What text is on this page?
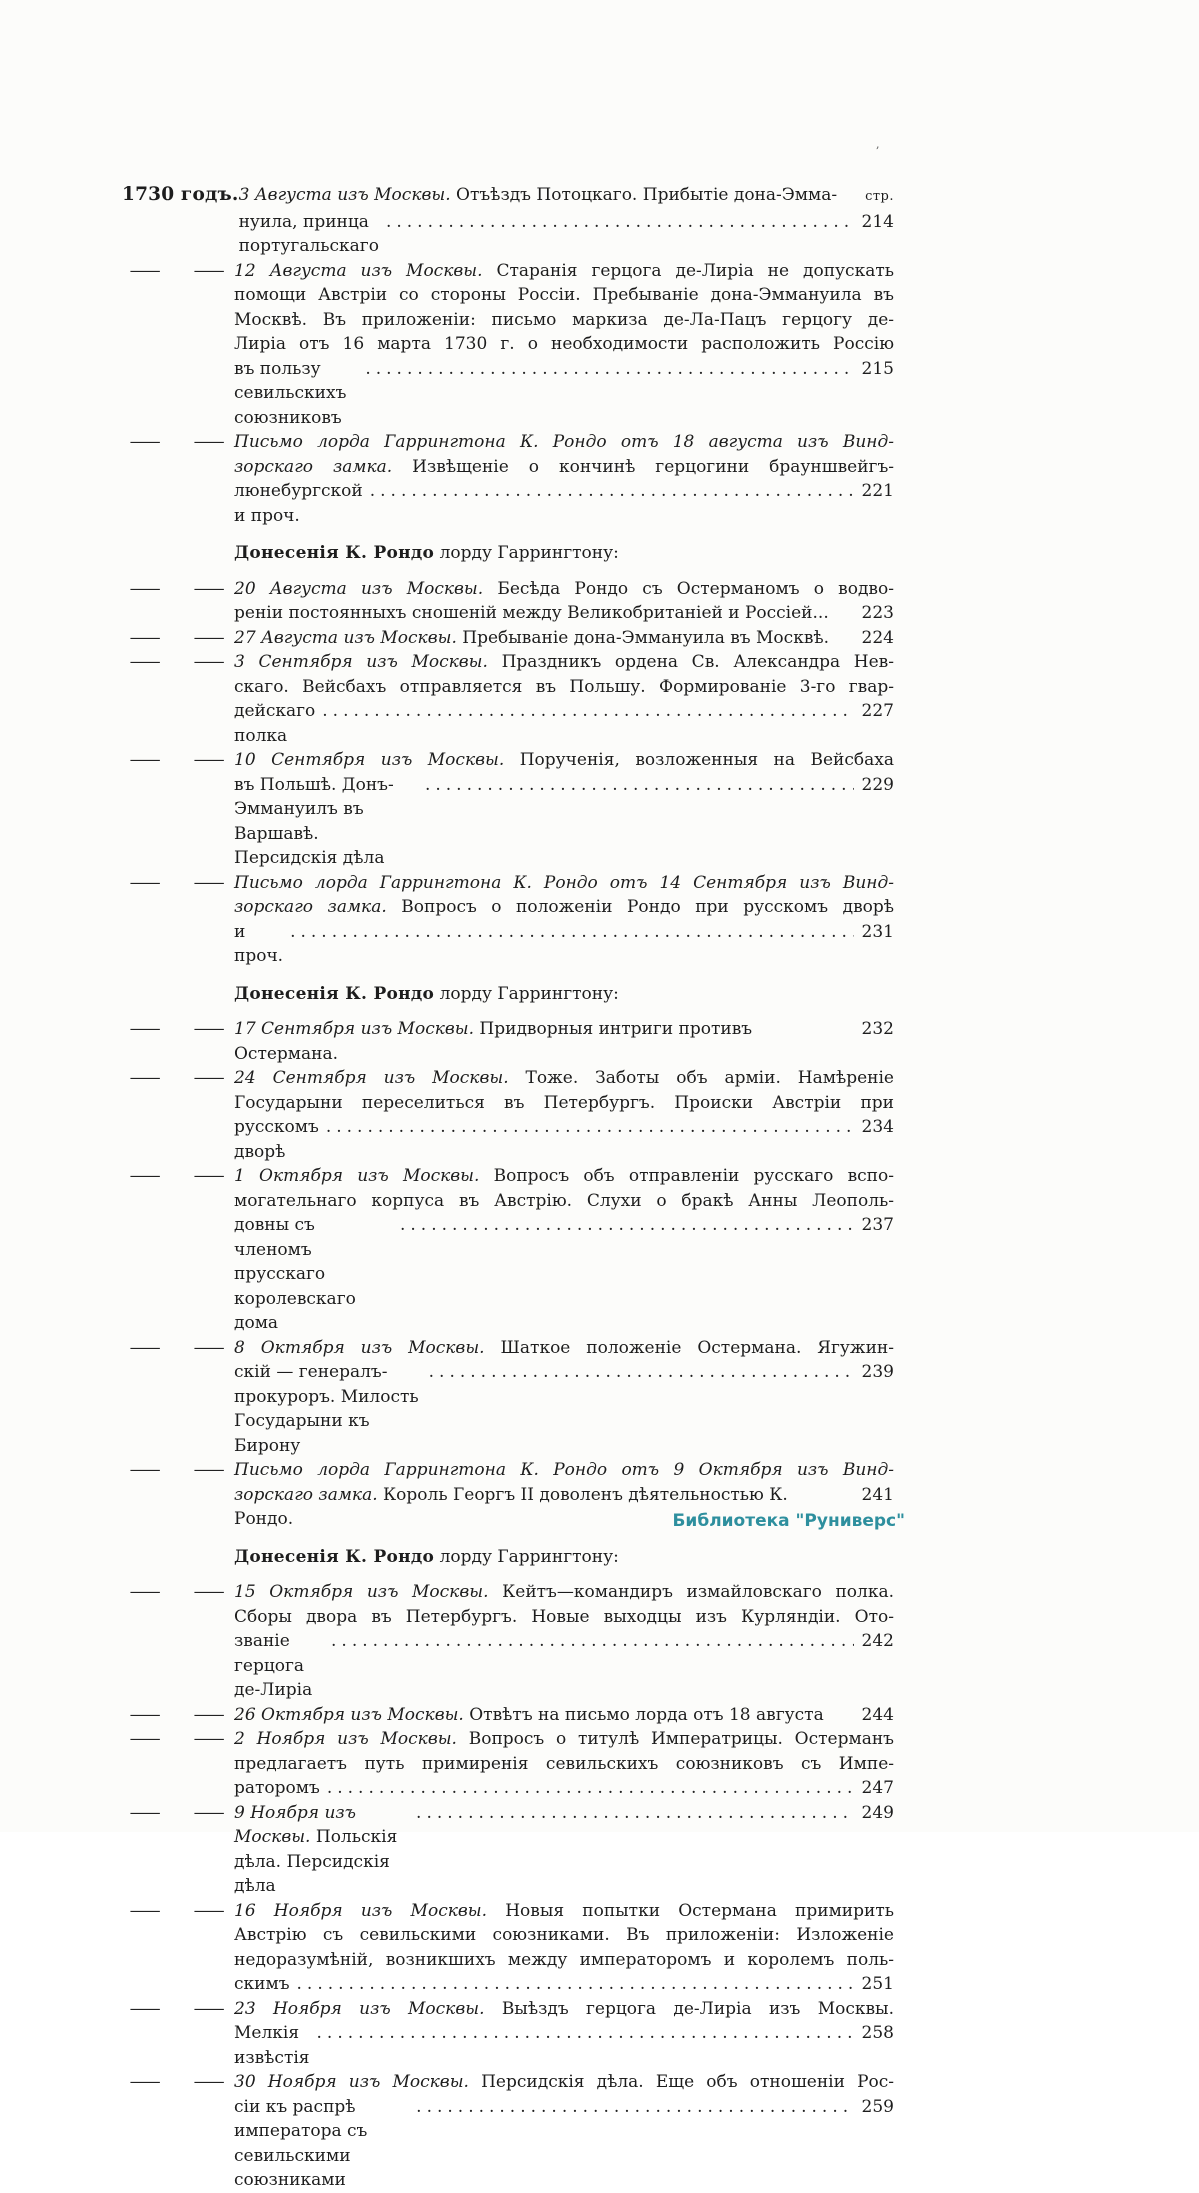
,
1730 годъ. 3 Августа изъ Москвы. Отъѣздъ Потоцкаго. Прибытіе дона-Эмма-	стр.
нуила, принца португальскаго
.....
214
— — 12 Августа изъ Москвы. Старанія герцога де-Лиріа не допускать
помощи Австріи со стороны Россіи. Пребываніе дона-Эммануила въ
Москвѣ. Въ приложеніи: письмо маркиза де-Ла-Пацъ герцогу де-
Лиріа отъ 16 марта 1730 г. о необходимости расположить Россію
въ пользу севильскихъ союзниковъ
.....
215
— — Письмо лорда Гаррингтона К. Рондо отъ 18 августа изъ Винд-
зорскаго замка. Извѣщеніе о кончинѣ герцогини брауншвейгъ-
люнебургской и проч.
.....
221
Донесенія К. Рондо лорду Гаррингтону:
— — 20 Августа изъ Москвы. Бесѣда Рондо съ Остерманомъ о водво-
реніи постоянныхъ сношеній между Великобританіей и Россіей... 223
— — 27 Августа изъ Москвы. Пребываніе дона-Эммануила въ Москвѣ. 224
— — 3 Сентября изъ Москвы. Праздникъ ордена Св. Александра Нев-
скаго. Вейсбахъ отправляется въ Польшу. Формированіе 3-го гвар-
дейскаго полка
.....
227
— — 10 Сентября изъ Москвы. Порученія, возложенныя на Вейсбаха
въ Польшѣ. Донъ-Эммануилъ въ Варшавѣ. Персидскія дѣла
.....
229
— — Письмо лорда Гаррингтона К. Рондо отъ 14 Сентября изъ Винд-
зорскаго замка. Вопросъ о положеніи Рондо при русскомъ дворѣ
и проч.
.....
231
Донесенія К. Рондо лорду Гаррингтону:
— — 17 Сентября изъ Москвы. Придворныя интриги противъ Остермана.
232
— — 24 Сентября изъ Москвы. Тоже. Заботы объ арміи. Намѣреніе
Государыни переселиться въ Петербургъ. Происки Австріи при
русскомъ дворѣ
.....
234
— — 1 Октября изъ Москвы. Вопросъ объ отправленіи русскаго вспо-
могательнаго корпуса въ Австрію. Слухи о бракѣ Анны Леополь-
довны съ членомъ прусскаго королевскаго дома
.....
237
— — 8 Октября изъ Москвы. Шаткое положеніе Остермана. Ягужин-
скій — генералъ-прокуроръ. Милость Государыни къ Бирону
.....
239
— — Письмо лорда Гаррингтона К. Рондо отъ 9 Октября изъ Винд-
зорскаго замка. Король Георгъ II доволенъ дѣятельностью К. Рондо.
241
Донесенія К. Рондо лорду Гаррингтону:
— — 15 Октября изъ Москвы. Кейтъ—командиръ измайловскаго полка.
Сборы двора въ Петербургъ. Новые выходцы изъ Курляндіи. Ото-
званіе герцога де-Лиріа
.....
242
— — 26 Октября изъ Москвы. Отвѣтъ на письмо лорда отъ 18 августа 244
— — 2 Ноября изъ Москвы. Вопросъ о титулѣ Императрицы. Остерманъ
предлагаетъ путь примиренія севильскихъ союзниковъ съ Импе-
раторомъ .....	247
— — 9 Ноября изъ Москвы. Польскія дѣла. Персидскія дѣла
.....
249
— — 16 Ноября изъ Москвы. Новыя попытки Остермана примирить
Австрію съ севильскими союзниками. Въ приложеніи: Изложеніе
недоразумѣній, возникшихъ между императоромъ и королемъ поль-
скимъ .....	251
— — 23 Ноября изъ Москвы. Выѣздъ герцога де-Лиріа изъ Москвы.
Мелкія извѣстія
.....
258
— — 30 Ноября изъ Москвы. Персидскія дѣла. Еще объ отношеніи Рос-
сіи къ распрѣ императора съ севильскими союзниками
.....
259
Библиотека "Руниверс"
